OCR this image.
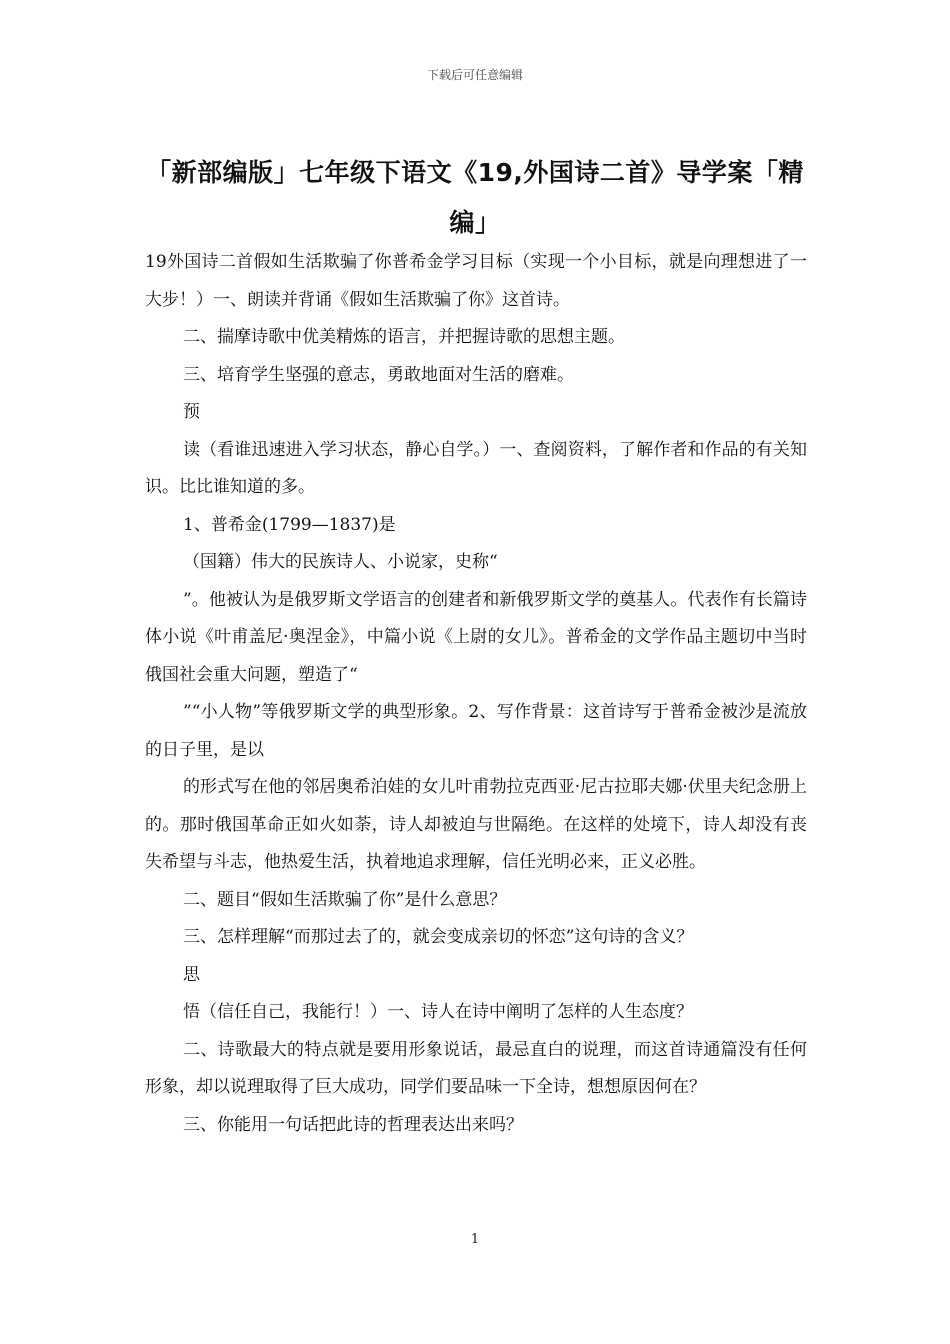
下载后可任意编辑
「新部编版」七年级下语文《19,外国诗二首》导学案「精编」

19外国诗二首假如生活欺骗了你普希金学习目标（实现一个小目标，就是向理想进了一大步！）一、朗读并背诵《假如生活欺骗了你》这首诗。

二、揣摩诗歌中优美精炼的语言，并把握诗歌的思想主题。

三、培育学生坚强的意志，勇敢地面对生活的磨难。

预

读（看谁迅速进入学习状态，静心自学。）一、查阅资料，了解作者和作品的有关知识。比比谁知道的多。

1、普希金(1799—1837)是

（国籍）伟大的民族诗人、小说家，史称“

”。他被认为是俄罗斯文学语言的创建者和新俄罗斯文学的奠基人。代表作有长篇诗体小说《叶甫盖尼·奥涅金》，中篇小说《上尉的女儿》。普希金的文学作品主题切中当时俄国社会重大问题，塑造了“

”“小人物”等俄罗斯文学的典型形象。2、写作背景：这首诗写于普希金被沙是流放的日子里，是以

的形式写在他的邻居奥希泊娃的女儿叶甫勃拉克西亚·尼古拉耶夫娜·伏里夫纪念册上的。那时俄国革命正如火如荼，诗人却被迫与世隔绝。在这样的处境下，诗人却没有丧失希望与斗志，他热爱生活，执着地追求理解，信任光明必来，正义必胜。

二、题目“假如生活欺骗了你”是什么意思？

三、怎样理解“而那过去了的，就会变成亲切的怀恋”这句诗的含义？

思

悟（信任自己，我能行！）一、诗人在诗中阐明了怎样的人生态度？

二、诗歌最大的特点就是要用形象说话，最忌直白的说理，而这首诗通篇没有任何形象，却以说理取得了巨大成功，同学们要品味一下全诗，想想原因何在？

三、你能用一句话把此诗的哲理表达出来吗？

1
